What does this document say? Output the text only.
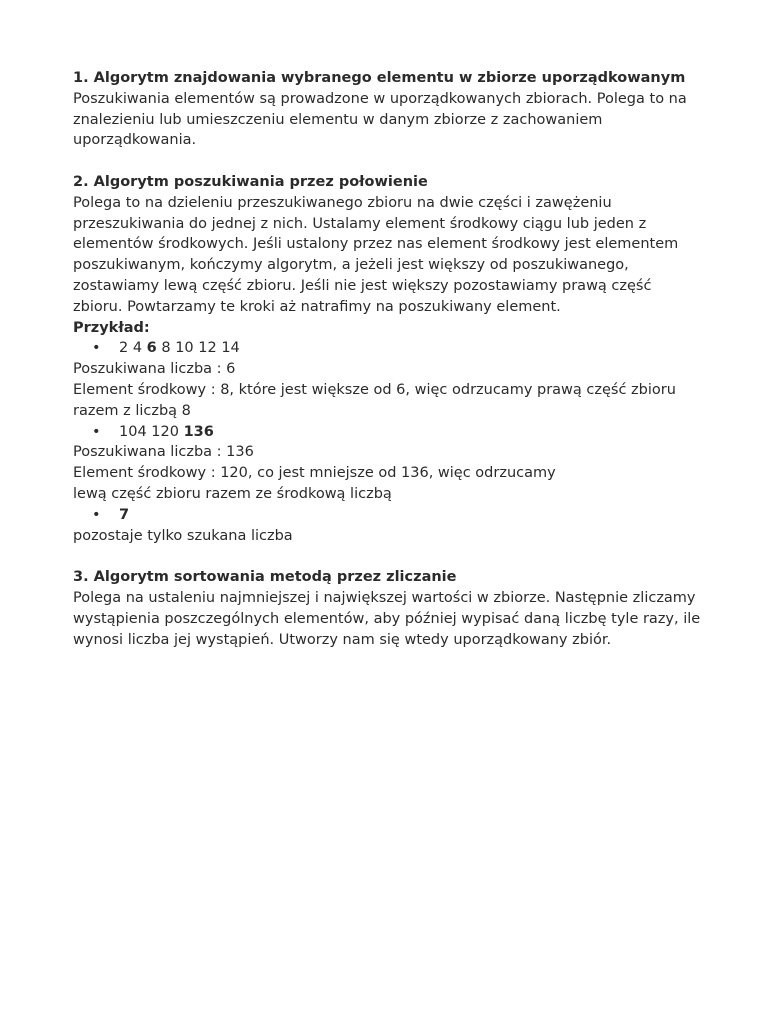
1. Algorytm znajdowania wybranego elementu w zbiorze uporządkowanym
Poszukiwania elementów są prowadzone w uporządkowanych zbiorach. Polega to na
znalezieniu lub umieszczeniu elementu w danym zbiorze z zachowaniem
uporządkowania.
2. Algorytm poszukiwania przez połowienie
Polega to na dzieleniu przeszukiwanego zbioru na dwie części i zawężeniu
przeszukiwania do jednej z nich. Ustalamy element środkowy ciągu lub jeden z
elementów środkowych. Jeśli ustalony przez nas element środkowy jest elementem
poszukiwanym, kończymy algorytm, a jeżeli jest większy od poszukiwanego,
zostawiamy lewą część zbioru. Jeśli nie jest większy pozostawiamy prawą część
zbioru. Powtarzamy te kroki aż natrafimy na poszukiwany element.
Przykład:
• 2 4 6 8 10 12 14
Poszukiwana liczba : 6
Element środkowy : 8, które jest większe od 6, więc odrzucamy prawą część zbioru
razem z liczbą 8
• 104 120 136
Poszukiwana liczba : 136
Element środkowy : 120, co jest mniejsze od 136, więc odrzucamy
lewą część zbioru razem ze środkową liczbą
• 7
pozostaje tylko szukana liczba
3. Algorytm sortowania metodą przez zliczanie
Polega na ustaleniu najmniejszej i największej wartości w zbiorze. Następnie zliczamy
wystąpienia poszczególnych elementów, aby później wypisać daną liczbę tyle razy, ile
wynosi liczba jej wystąpień. Utworzy nam się wtedy uporządkowany zbiór.
